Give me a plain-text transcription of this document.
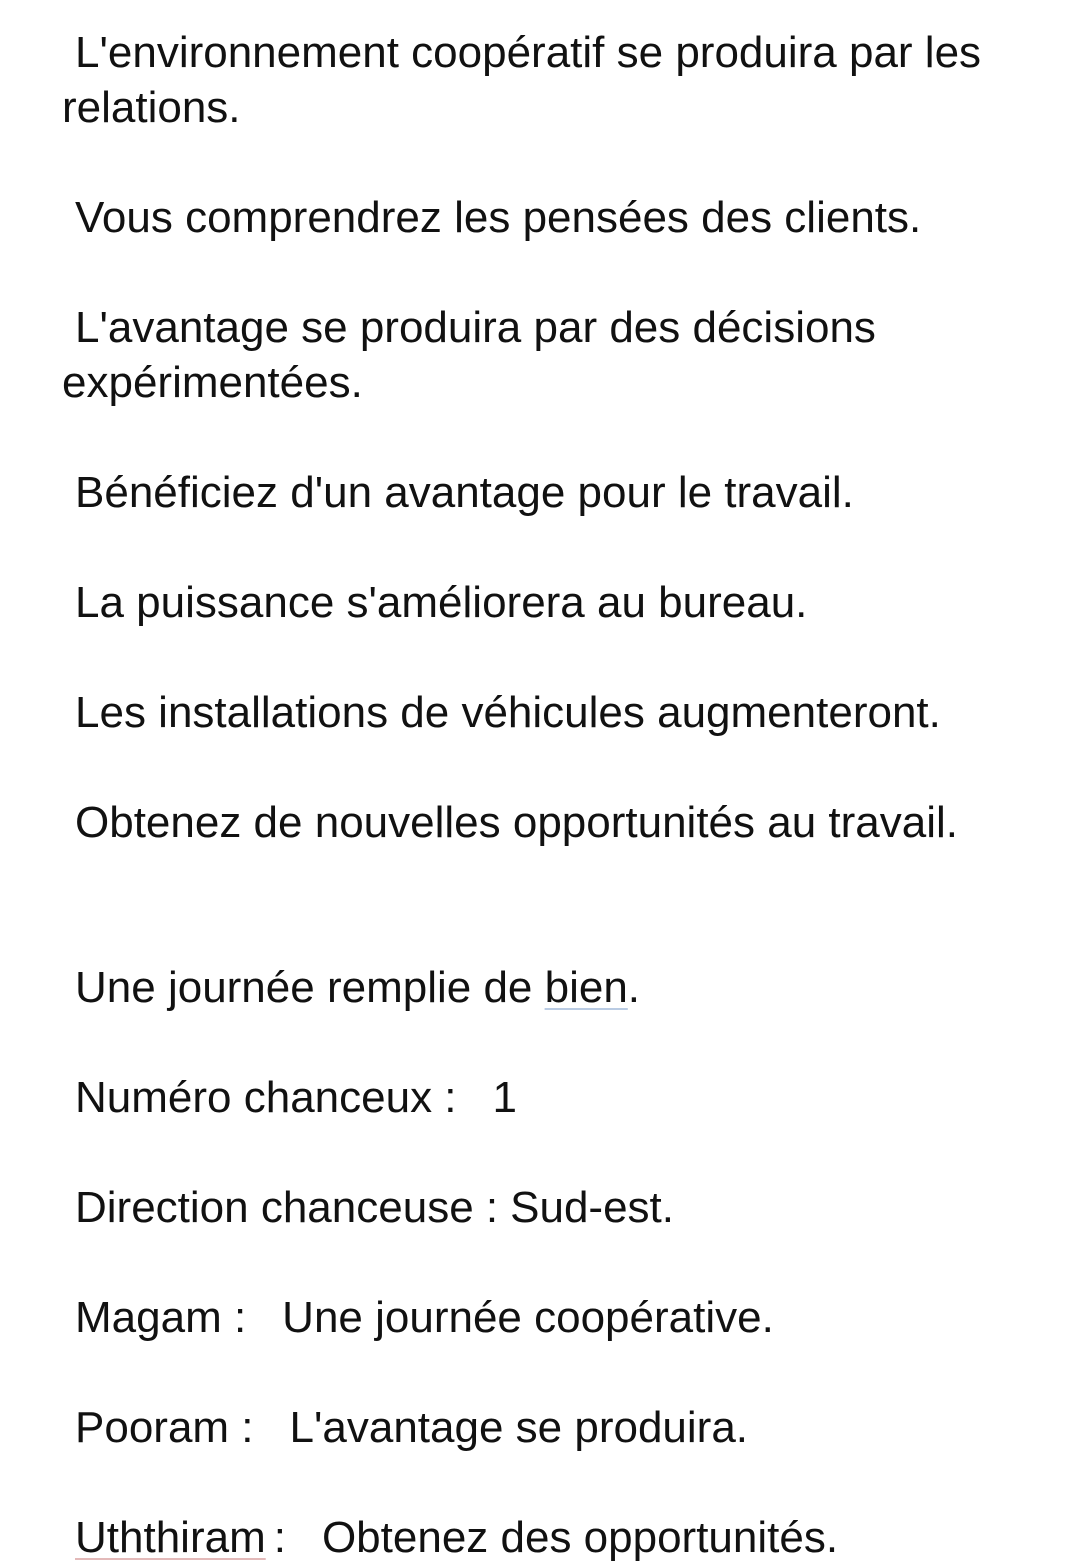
L'environnement coopératif se produira par les relations.
Vous comprendrez les pensées des clients.
L'avantage se produira par des décisions expérimentées.
Bénéficiez d'un avantage pour le travail.
La puissance s'améliorera au bureau.
Les installations de véhicules augmenteront.
Obtenez de nouvelles opportunités au travail.
Une journée remplie de bien.
Numéro chanceux : 1
Direction chanceuse : Sud-est.
Magam : Une journée coopérative.
Pooram : L'avantage se produira.
Uththiram : Obtenez des opportunités.
